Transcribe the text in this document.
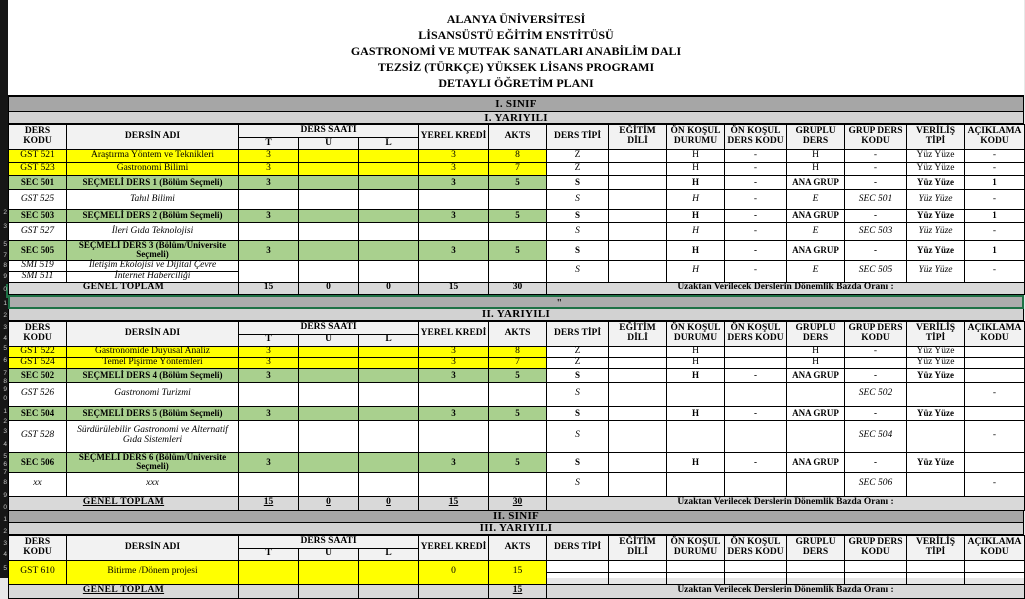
2
3
5
7
8
9
0
1
2
3
4
5
6
7
8
9
0
1
2
3
4
5
6
7
8
9
0
1
2
3
4
5
ALANYA ÜNİVERSİTESİ
LİSANSÜSTÜ EĞİTİM ENSTİTÜSÜ
GASTRONOMİ VE MUTFAK SANATLARI ANABİLİM DALI
TEZSİZ (TÜRKÇE) YÜKSEK LİSANS PROGRAMI
DETAYLI ÖĞRETİM PLANI
I. SINIF
I. YARIYILI
DERS KODU	DERSİN ADI	DERS SAATİ			YEREL KREDİ	AKTS	DERS TİPİ	EĞİTİM DİLİ	ÖN KOŞUL DURUMU	ÖN KOŞUL DERS KODU	GRUPLU DERS	GRUP DERS KODU	VERİLİŞ TİPİ	AÇIKLAMA KODU
		T	U	L										
GST 521	Araştırma Yöntem ve Teknikleri	3			3	8	Z		H	-	H	-	Yüz Yüze	-
GST 523	Gastronomi Bilimi	3			3	7	Z		H	-	H	-	Yüz Yüze	-
SEC 501	SEÇMELİ DERS 1 (Bölüm Seçmeli)	3			3	5	S		H	-	ANA GRUP	-	Yüz Yüze	1
GST 525	Tahıl Bilimi						S		H	-	E	SEC 501	Yüz Yüze	-
SEC 503	SEÇMELİ DERS 2 (Bölüm Seçmeli)	3			3	5	S		H	-	ANA GRUP	-	Yüz Yüze	1
GST 527	İleri Gıda Teknolojisi						S		H	-	E	SEC 503	Yüz Yüze	-
SEC 505	SEÇMELİ DERS 3 (Bölüm/Üniversite Seçmeli)	3			3	5	S		H	-	ANA GRUP	-	Yüz Yüze	1
SMI 519	İletişim Ekolojisi ve Dijital Çevre						S		H	-	E	SEC 505	Yüz Yüze	-
SMI 511	İnternet Haberciliği													
GENEL TOPLAM		15	0	0	15	30	Uzaktan Verilecek Derslerin Dönemlik Bazda Oranı :							
"
II. YARIYILI
DERS KODU	DERSİN ADI	DERS SAATİ			YEREL KREDİ	AKTS	DERS TİPİ	EĞİTİM DİLİ	ÖN KOŞUL DURUMU	ÖN KOŞUL DERS KODU	GRUPLU DERS	GRUP DERS KODU	VERİLİŞ TİPİ	AÇIKLAMA KODU
		T	U	L										
GST 522	Gastronomide Duyusal Analiz	3			3	8	Z		H		H	-	Yüz Yüze	
GST 524	Temel Pişirme Yöntemleri	3			3	7	Z		H		H		Yüz Yüze	
SEC 502	SEÇMELİ DERS 4 (Bölüm Seçmeli)	3			3	5	S		H	-	ANA GRUP	-	Yüz Yüze	
GST 526	Gastronomi Turizmi						S					SEC 502		-
SEC 504	SEÇMELİ DERS 5 (Bölüm Seçmeli)	3			3	5	S		H	-	ANA GRUP	-	Yüz Yüze	
GST 528	Sürdürülebilir Gastronomi ve Alternatif Gıda Sistemleri						S					SEC 504		-
SEC 506	SEÇMELİ DERS 6 (Bölüm/Üniversite Seçmeli)	3			3	5	S		H	-	ANA GRUP	-	Yüz Yüze	
xx	xxx						S					SEC 506		-
GENEL TOPLAM		15	0	0	15	30	Uzaktan Verilecek Derslerin Dönemlik Bazda Oranı :							
II. SINIF
III. YARIYILI
DERS KODU	DERSİN ADI	DERS SAATİ			YEREL KREDİ	AKTS	DERS TİPİ	EĞİTİM DİLİ	ÖN KOŞUL DURUMU	ÖN KOŞUL DERS KODU	GRUPLU DERS	GRUP DERS KODU	VERİLİŞ TİPİ	AÇIKLAMA KODU
		T	U	L										
GST 610	Bitirme /Dönem projesi				0	15								

GENEL TOPLAM						15	Uzaktan Verilecek Derslerin Dönemlik Bazda Oranı :							
